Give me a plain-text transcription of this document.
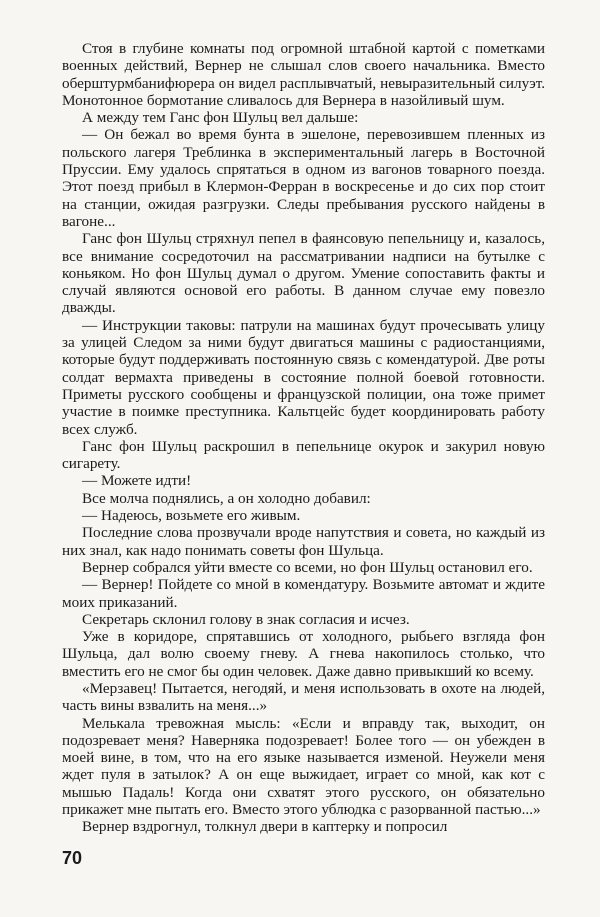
Стоя в глубине комнаты под огромной штабной картой с пометками военных действий, Вернер не слышал слов своего начальника. Вместо оберштурмбанифюрера он видел расплывчатый, невыразительный силуэт. Монотонное бормотание сливалось для Вернера в назойливый шум.

А между тем Ганс фон Шульц вел дальше:

— Он бежал во время бунта в эшелоне, перевозившем пленных из польского лагеря Треблинка в экспериментальный лагерь в Восточной Пруссии. Ему удалось спрятаться в одном из вагонов товарного поезда. Этот поезд прибыл в Клермон-Ферран в воскресенье и до сих пор стоит на станции, ожидая разгрузки. Следы пребывания русского найдены в вагоне...

Ганс фон Шульц стряхнул пепел в фаянсовую пепельницу и, казалось, все внимание сосредоточил на рассматривании надписи на бутылке с коньяком. Но фон Шульц думал о другом. Умение сопоставить факты и случай являются основой его работы. В данном случае ему повезло дважды.

— Инструкции таковы: патрули на машинах будут прочесывать улицу за улицей Следом за ними будут двигаться машины с радиостанциями, которые будут поддерживать постоянную связь с комендатурой. Две роты солдат вермахта приведены в состояние полной боевой готовности. Приметы русского сообщены и французской полиции, она тоже примет участие в поимке преступника. Кальтцейс будет координировать работу всех служб.

Ганс фон Шульц раскрошил в пепельнице окурок и закурил новую сигарету.

— Можете идти!

Все молча поднялись, а он холодно добавил:

— Надеюсь, возьмете его живым.

Последние слова прозвучали вроде напутствия и совета, но каждый из них знал, как надо понимать советы фон Шульца.

Вернер собрался уйти вместе со всеми, но фон Шульц остановил его.

— Вернер! Пойдете со мной в комендатуру. Возьмите автомат и ждите моих приказаний.

Секретарь склонил голову в знак согласия и исчез.

Уже в коридоре, спрятавшись от холодного, рыбьего взгляда фон Шульца, дал волю своему гневу. А гнева накопилось столько, что вместить его не смог бы один человек. Даже давно привыкший ко всему.

«Мерзавец! Пытается, негодяй, и меня использовать в охоте на людей, часть вины взвалить на меня...»

Мелькала тревожная мысль: «Если и вправду так, выходит, он подозревает меня? Наверняка подозревает! Более того — он убежден в моей вине, в том, что на его языке называется изменой. Неужели меня ждет пуля в затылок? А он еще выжидает, играет со мной, как кот с мышью Падаль! Когда они схватят этого русского, он обязательно прикажет мне пытать его. Вместо этого ублюдка с разорванной пастью...»

Вернер вздрогнул, толкнул двери в каптерку и попросил

70
